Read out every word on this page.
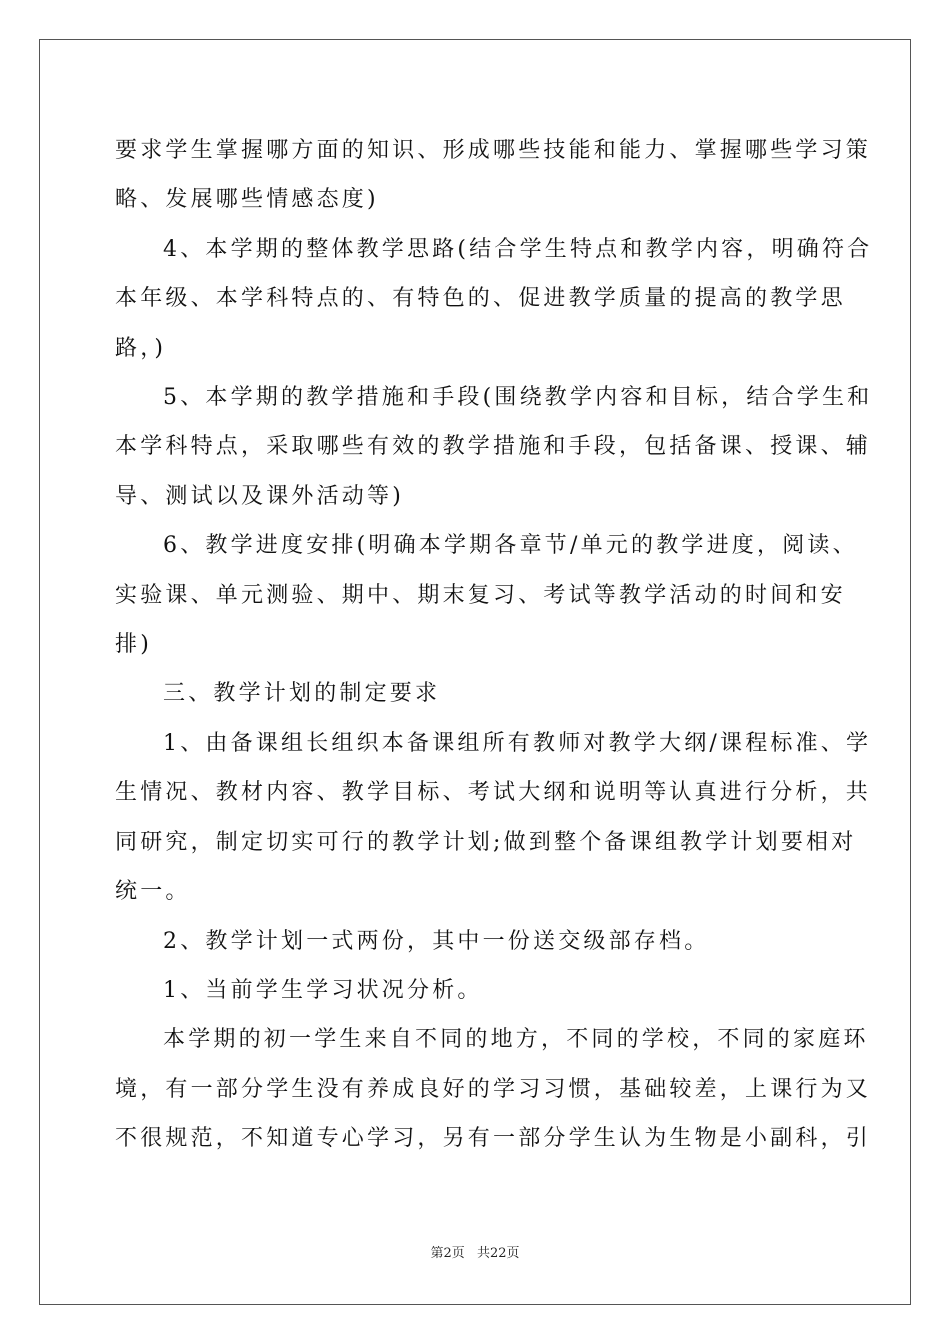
要求学生掌握哪方面的知识、形成哪些技能和能力、掌握哪些学习策
略、发展哪些情感态度)
4、本学期的整体教学思路(结合学生特点和教学内容，明确符合
本年级、本学科特点的、有特色的、促进教学质量的提高的教学思
路，)
5、本学期的教学措施和手段(围绕教学内容和目标，结合学生和
本学科特点，采取哪些有效的教学措施和手段，包括备课、授课、辅
导、测试以及课外活动等)
6、教学进度安排(明确本学期各章节/单元的教学进度，阅读、
实验课、单元测验、期中、期末复习、考试等教学活动的时间和安
排)
三、教学计划的制定要求
1、由备课组长组织本备课组所有教师对教学大纲/课程标准、学
生情况、教材内容、教学目标、考试大纲和说明等认真进行分析，共
同研究，制定切实可行的教学计划;做到整个备课组教学计划要相对
统一。
2、教学计划一式两份，其中一份送交级部存档。
1、当前学生学习状况分析。
本学期的初一学生来自不同的地方，不同的学校，不同的家庭环
境，有一部分学生没有养成良好的学习习惯，基础较差，上课行为又
不很规范，不知道专心学习，另有一部分学生认为生物是小副科，引
第2页 共22页
